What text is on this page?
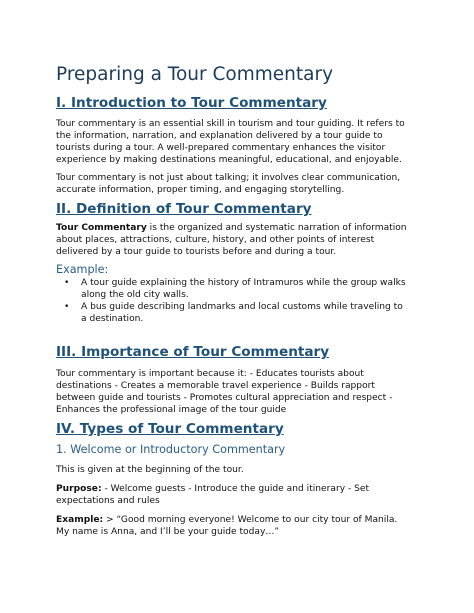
Preparing a Tour Commentary
I. Introduction to Tour Commentary

Tour commentary is an essential skill in tourism and tour guiding. It refers to
the information, narration, and explanation delivered by a tour guide to
tourists during a tour. A well-prepared commentary enhances the visitor
experience by making destinations meaningful, educational, and enjoyable.

Tour commentary is not just about talking; it involves clear communication,
accurate information, proper timing, and engaging storytelling.

II. Definition of Tour Commentary

Tour Commentary is the organized and systematic narration of information
about places, attractions, culture, history, and other points of interest
delivered by a tour guide to tourists before and during a tour.

Example:
• A tour guide explaining the history of Intramuros while the group walks
along the old city walls.
• A bus guide describing landmarks and local customs while traveling to
a destination.
III. Importance of Tour Commentary

Tour commentary is important because it: - Educates tourists about
destinations - Creates a memorable travel experience - Builds rapport
between guide and tourists - Promotes cultural appreciation and respect -
Enhances the professional image of the tour guide

IV. Types of Tour Commentary
1. Welcome or Introductory Commentary

This is given at the beginning of the tour.

Purpose: - Welcome guests - Introduce the guide and itinerary - Set
expectations and rules

Example: > “Good morning everyone! Welcome to our city tour of Manila.
My name is Anna, and I’ll be your guide today…”
